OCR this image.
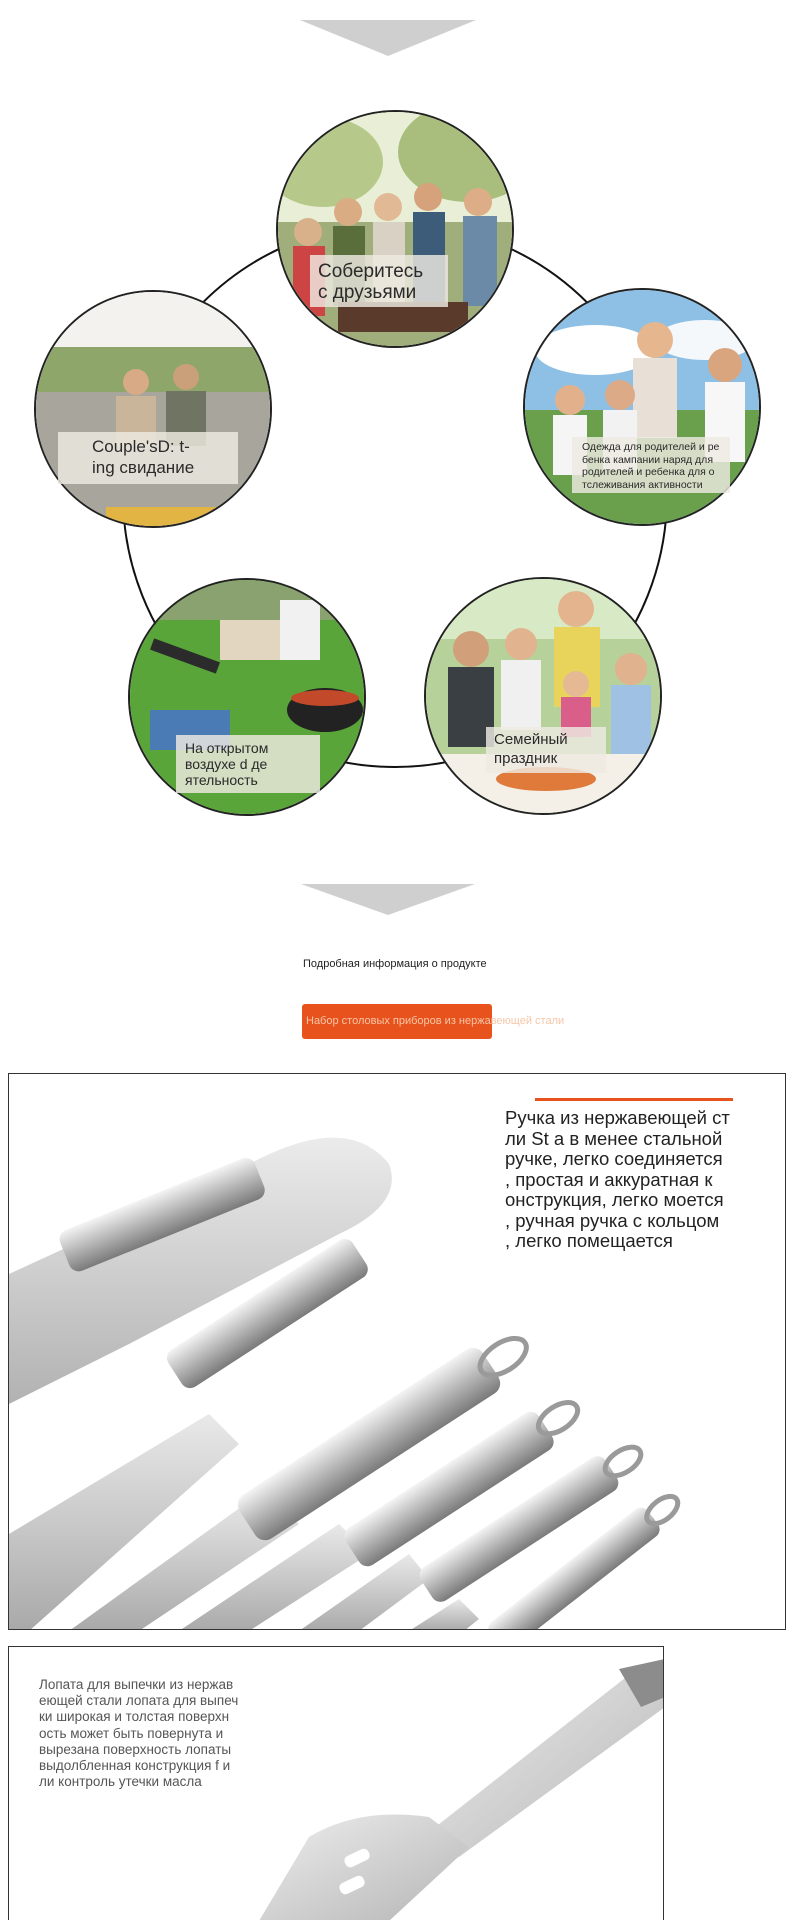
Соберитесь
с друзьями
Couple'sD: t-
ing свидание
Одежда для родителей и ре
бенка кампании наряд для
родителей и ребенка для о
тслеживания активности
На открытом
воздухе d де
ятельность
Семейный
праздник
Подробная информация о продукте
Набор столовых приборов из нержавеющей стали
Ручка из нержавеющей ст
ли St a в менее стальной
ручке, легко соединяется
, простая и аккуратная к
онструкция, легко моется
, ручная ручка с кольцом
, легко помещается
Лопата для выпечки из нержав
еющей стали лопата для выпеч
ки широкая и толстая поверхн
ость может быть повернута и
вырезана поверхность лопаты
выдолбленная конструкция f и
ли контроль утечки масла
